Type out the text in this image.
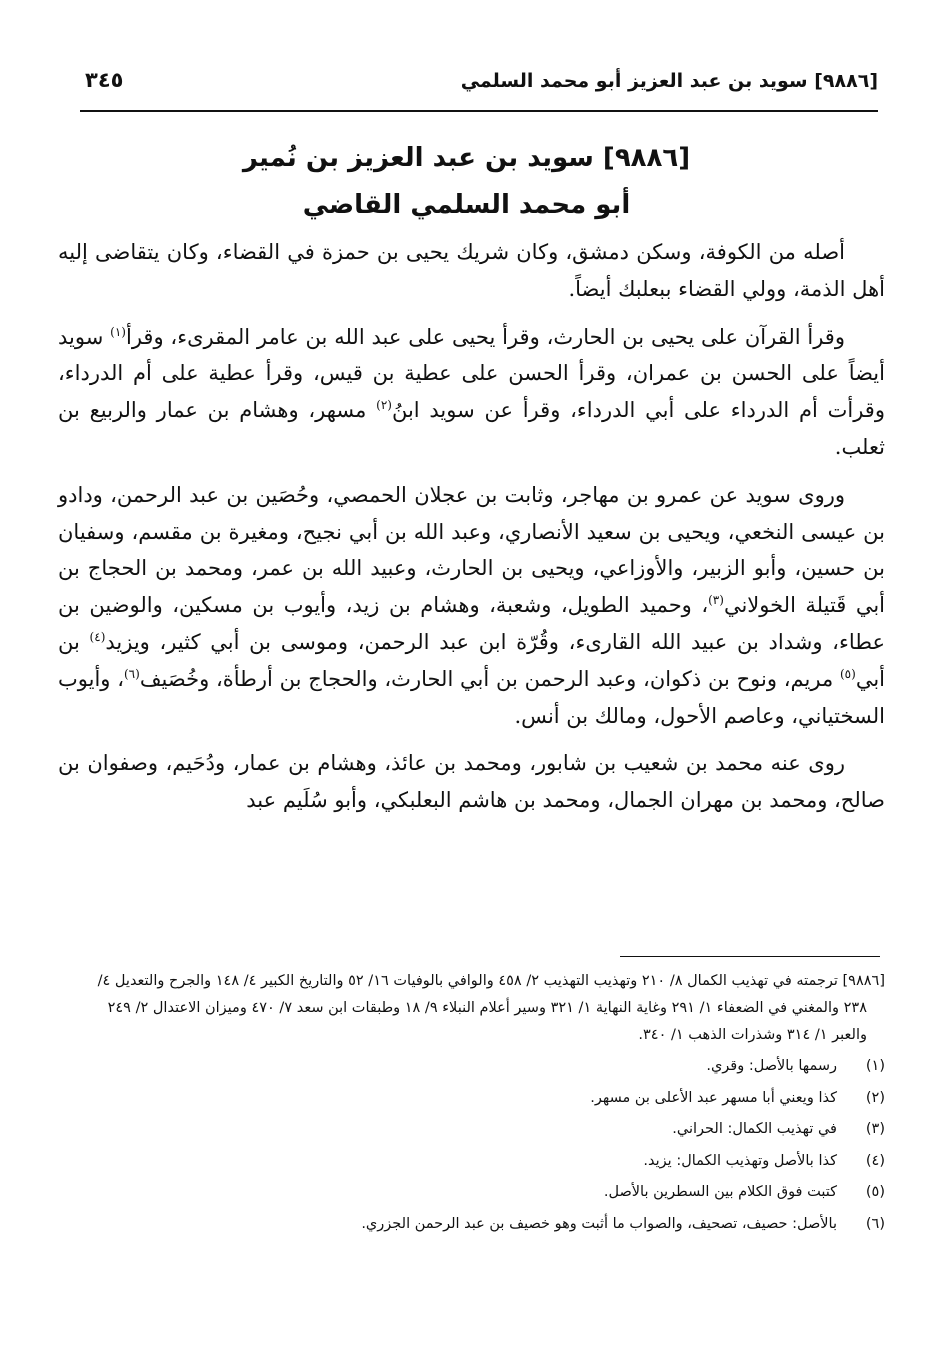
[٩٨٨٦] سويد بن عبد العزيز أبو محمد السلمي
٣٤٥
[٩٨٨٦] سويد بن عبد العزيز بن نُمير
أبو محمد السلمي القاضي

أصله من الكوفة، وسكن دمشق، وكان شريك يحيى بن حمزة في القضاء، وكان يتقاضى إليه أهل الذمة، وولي القضاء ببعلبك أيضاً.

وقرأ القرآن على يحيى بن الحارث، وقرأ يحيى على عبد الله بن عامر المقرىء، وقرأ$^{(١)}$ سويد أيضاً على الحسن بن عمران، وقرأ الحسن على عطية بن قيس، وقرأ عطية على أم الدرداء، وقرأت أم الدرداء على أبي الدرداء، وقرأ عن سويد ابنُ$^{(٢)}$ مسهر، وهشام بن عمار والربيع بن ثعلب.

وروى سويد عن عمرو بن مهاجر، وثابت بن عجلان الحمصي، وحُصَين بن عبد الرحمن، ودادو بن عيسى النخعي، ويحيى بن سعيد الأنصاري، وعبد الله بن أبي نجيح، ومغيرة بن مقسم، وسفيان بن حسين، وأبو الزبير، والأوزاعي، ويحيى بن الحارث، وعبيد الله بن عمر، ومحمد بن الحجاج بن أبي قَتيلة الخولاني$^{(٣)}$، وحميد الطويل، وشعبة، وهشام بن زيد، وأيوب بن مسكين، والوضين بن عطاء، وشداد بن عبيد الله القارىء، وقُرّة ابن عبد الرحمن، وموسى بن أبي كثير، ويزيد$^{(٤)}$ بن أبي$^{(٥)}$ مريم، ونوح بن ذكوان، وعبد الرحمن بن أبي الحارث، والحجاج بن أرطأة، وخُصَيف$^{(٦)}$، وأيوب السختياني، وعاصم الأحول، ومالك بن أنس.

روى عنه محمد بن شعيب بن شابور، ومحمد بن عائذ، وهشام بن عمار، ودُحَيم، وصفوان بن صالح، ومحمد بن مهران الجمال، ومحمد بن هاشم البعلبكي، وأبو سُلَيم عبد

[٩٨٨٦] ترجمته في تهذيب الكمال ٨/ ٢١٠ وتهذيب التهذيب ٢/ ٤٥٨ والوافي بالوفيات ١٦/ ٥٢ والتاريخ الكبير ٤/ ١٤٨ والجرح والتعديل ٤/ ٢٣٨ والمغني في الضعفاء ١/ ٢٩١ وغاية النهاية ١/ ٣٢١ وسير أعلام النبلاء ٩/ ١٨ وطبقات ابن سعد ٧/ ٤٧٠ وميزان الاعتدال ٢/ ٢٤٩ والعبر ١/ ٣١٤ وشذرات الذهب ١/ ٣٤٠.
(١)
رسمها بالأصل: وقري.
(٢)
كذا ويعني أبا مسهر عبد الأعلى بن مسهر.
(٣)
في تهذيب الكمال: الحراني.
(٤)
كذا بالأصل وتهذيب الكمال: يزيد.
(٥)
كتبت فوق الكلام بين السطرين بالأصل.
(٦)
بالأصل: حصيف، تصحيف، والصواب ما أثبت وهو خصيف بن عبد الرحمن الجزري.
